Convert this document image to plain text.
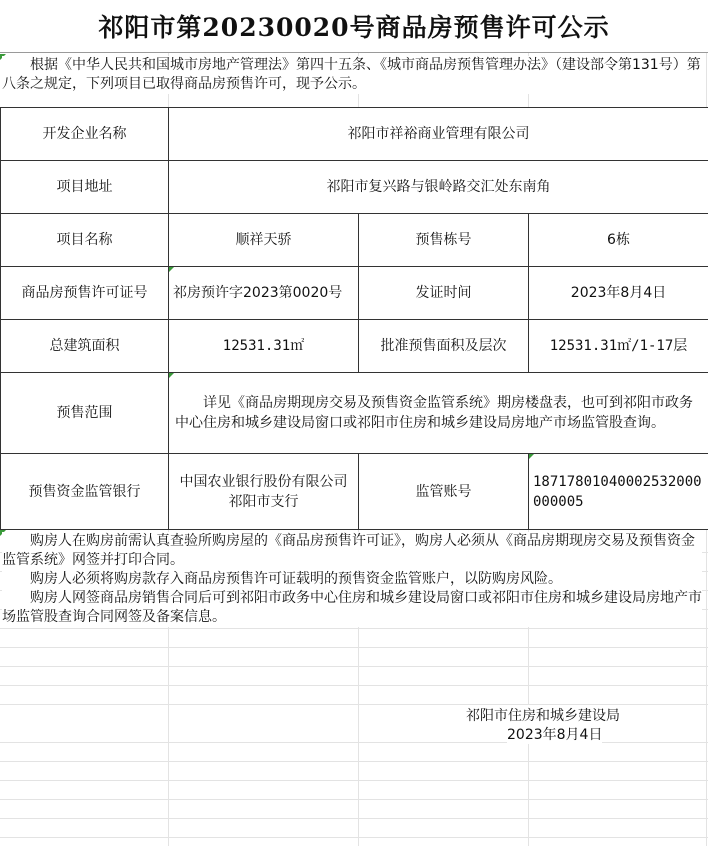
祁阳市第20230020号商品房预售许可公示
根据《中华人民共和国城市房地产管理法》第四十五条、《城市商品房预售管理办法》（建设部令第131号）第八条之规定，下列项目已取得商品房预售许可，现予公示。
开发企业名称	祁阳市祥裕商业管理有限公司		
项目地址	祁阳市复兴路与银岭路交汇处东南角		
项目名称	顺祥天骄	预售栋号	6栋
商品房预售许可证号	祁房预许字2023第0020号	发证时间	2023年8月4日
总建筑面积	12531.31㎡	批准预售面积及层次	12531.31㎡/1-17层
预售范围	详见《商品房期现房交易及预售资金监管系统》期房楼盘表，也可到祁阳市政务中心住房和城乡建设局窗口或祁阳市住房和城乡建设局房地产市场监管股查询。		
预售资金监管银行	中国农业银行股份有限公司祁阳市支行	监管账号	18717801040002532000000005

购房人在购房前需认真查验所购房屋的《商品房预售许可证》，购房人必须从《商品房期现房交易及预售资金监管系统》网签并打印合同。

购房人必须将购房款存入商品房预售许可证载明的预售资金监管账户，以防购房风险。

购房人网签商品房销售合同后可到祁阳市政务中心住房和城乡建设局窗口或祁阳市住房和城乡建设局房地产市场监管股查询合同网签及备案信息。

祁阳市住房和城乡建设局
2023年8月4日
